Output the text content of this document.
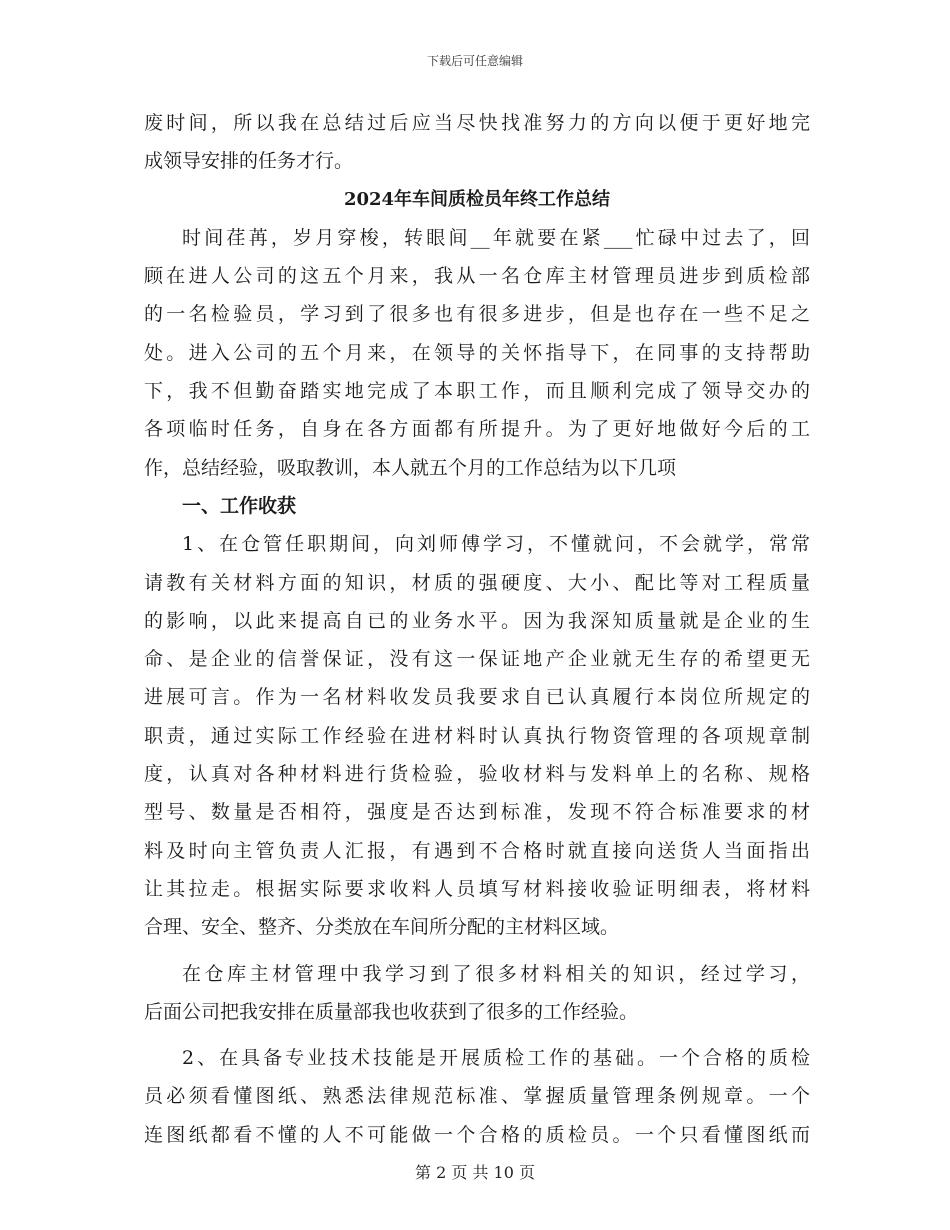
下载后可任意编辑
废时间，所以我在总结过后应当尽快找准努力的方向以便于更好地完
成领导安排的任务才行。
2024年车间质检员年终工作总结
时间荏苒，岁月穿梭，转眼间__年就要在紧___忙碌中过去了，回
顾在进人公司的这五个月来，我从一名仓库主材管理员进步到质检部
的一名检验员，学习到了很多也有很多进步，但是也存在一些不足之
处。进入公司的五个月来，在领导的关怀指导下，在同事的支持帮助
下，我不但勤奋踏实地完成了本职工作，而且顺利完成了领导交办的
各项临时任务，自身在各方面都有所提升。为了更好地做好今后的工
作，总结经验，吸取教训，本人就五个月的工作总结为以下几项
一、工作收获
1、在仓管任职期间，向刘师傅学习，不懂就问，不会就学，常常
请教有关材料方面的知识，材质的强硬度、大小、配比等对工程质量
的影响，以此来提高自已的业务水平。因为我深知质量就是企业的生
命、是企业的信誉保证，没有这一保证地产企业就无生存的希望更无
进展可言。作为一名材料收发员我要求自已认真履行本岗位所规定的
职责，通过实际工作经验在进材料时认真执行物资管理的各项规章制
度，认真对各种材料进行货检验，验收材料与发料单上的名称、规格
型号、数量是否相符，强度是否达到标准，发现不符合标准要求的材
料及时向主管负责人汇报，有遇到不合格时就直接向送货人当面指出
让其拉走。根据实际要求收料人员填写材料接收验证明细表，将材料
合理、安全、整齐、分类放在车间所分配的主材料区域。
在仓库主材管理中我学习到了很多材料相关的知识，经过学习，
后面公司把我安排在质量部我也收获到了很多的工作经验。
2、在具备专业技术技能是开展质检工作的基础。一个合格的质检
员必须看懂图纸、熟悉法律规范标准、掌握质量管理条例规章。一个
连图纸都看不懂的人不可能做一个合格的质检员。一个只看懂图纸而
第 2 页 共 10 页
